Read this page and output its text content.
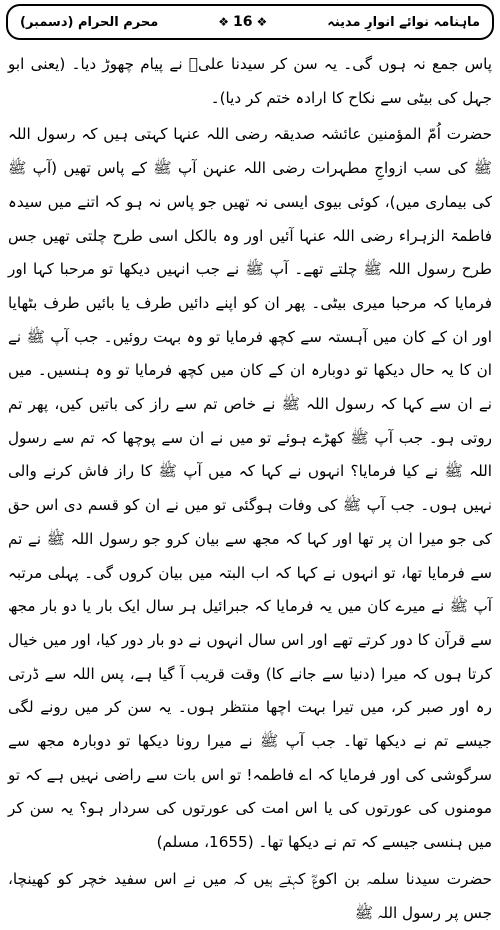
ماہنامہ نوائے انوارِ مدینہ
❖ 16 ❖
محرم الحرام (دسمبر)

پاس جمع نہ ہوں گی۔ یہ سن کر سیدنا علیؓ نے پیام چھوڑ دیا۔ (یعنی ابو جہل کی بیٹی سے نکاح کا ارادہ ختم کر دیا)۔

حضرت اُمّ المؤمنین عائشہ صدیقہ رضی اللہ عنہا کہتی ہیں کہ رسول اللہ ﷺ کی سب ازواجِ مطہرات رضی اللہ عنہن آپ ﷺ کے پاس تھیں (آپ ﷺ کی بیماری میں)، کوئی بیوی ایسی نہ تھیں جو پاس نہ ہو کہ اتنے میں سیدہ فاطمۃ الزہراء رضی اللہ عنہا آئیں اور وہ بالکل اسی طرح چلتی تھیں جس طرح رسول اللہ ﷺ چلتے تھے۔ آپ ﷺ نے جب انہیں دیکھا تو مرحبا کہا اور فرمایا کہ مرحبا میری بیٹی۔ پھر ان کو اپنے دائیں طرف یا بائیں طرف بٹھایا اور ان کے کان میں آہستہ سے کچھ فرمایا تو وہ بہت روئیں۔ جب آپ ﷺ نے ان کا یہ حال دیکھا تو دوبارہ ان کے کان میں کچھ فرمایا تو وہ ہنسیں۔ میں نے ان سے کہا کہ رسول اللہ ﷺ نے خاص تم سے راز کی باتیں کیں، پھر تم روتی ہو۔ جب آپ ﷺ کھڑے ہوئے تو میں نے ان سے پوچھا کہ تم سے رسول اللہ ﷺ نے کیا فرمایا؟ انہوں نے کہا کہ میں آپ ﷺ کا راز فاش کرنے والی نہیں ہوں۔ جب آپ ﷺ کی وفات ہوگئی تو میں نے ان کو قسم دی اس حق کی جو میرا ان پر تھا اور کہا کہ مجھ سے بیان کرو جو رسول اللہ ﷺ نے تم سے فرمایا تھا، تو انہوں نے کہا کہ اب البتہ میں بیان کروں گی۔ پہلی مرتبہ آپ ﷺ نے میرے کان میں یہ فرمایا کہ جبرائیل ہر سال ایک بار یا دو بار مجھ سے قرآن کا دور کرتے تھے اور اس سال انہوں نے دو بار دور کیا، اور میں خیال کرتا ہوں کہ میرا (دنیا سے جانے کا) وقت قریب آ گیا ہے، پس اللہ سے ڈرتی رہ اور صبر کر، میں تیرا بہت اچھا منتظر ہوں۔ یہ سن کر میں رونے لگی جیسے تم نے دیکھا تھا۔ جب آپ ﷺ نے میرا رونا دیکھا تو دوبارہ مجھ سے سرگوشی کی اور فرمایا کہ اے فاطمہ! تو اس بات سے راضی نہیں ہے کہ تو مومنوں کی عورتوں کی یا اس امت کی عورتوں کی سردار ہو؟ یہ سن کر میں ہنسی جیسے کہ تم نے دیکھا تھا۔ (1655، مسلم)

حضرت سیدنا سلمہ بن اکوعؓ کہتے ہیں کہ میں نے اس سفید خچر کو کھینچا، جس پر رسول اللہ ﷺ
